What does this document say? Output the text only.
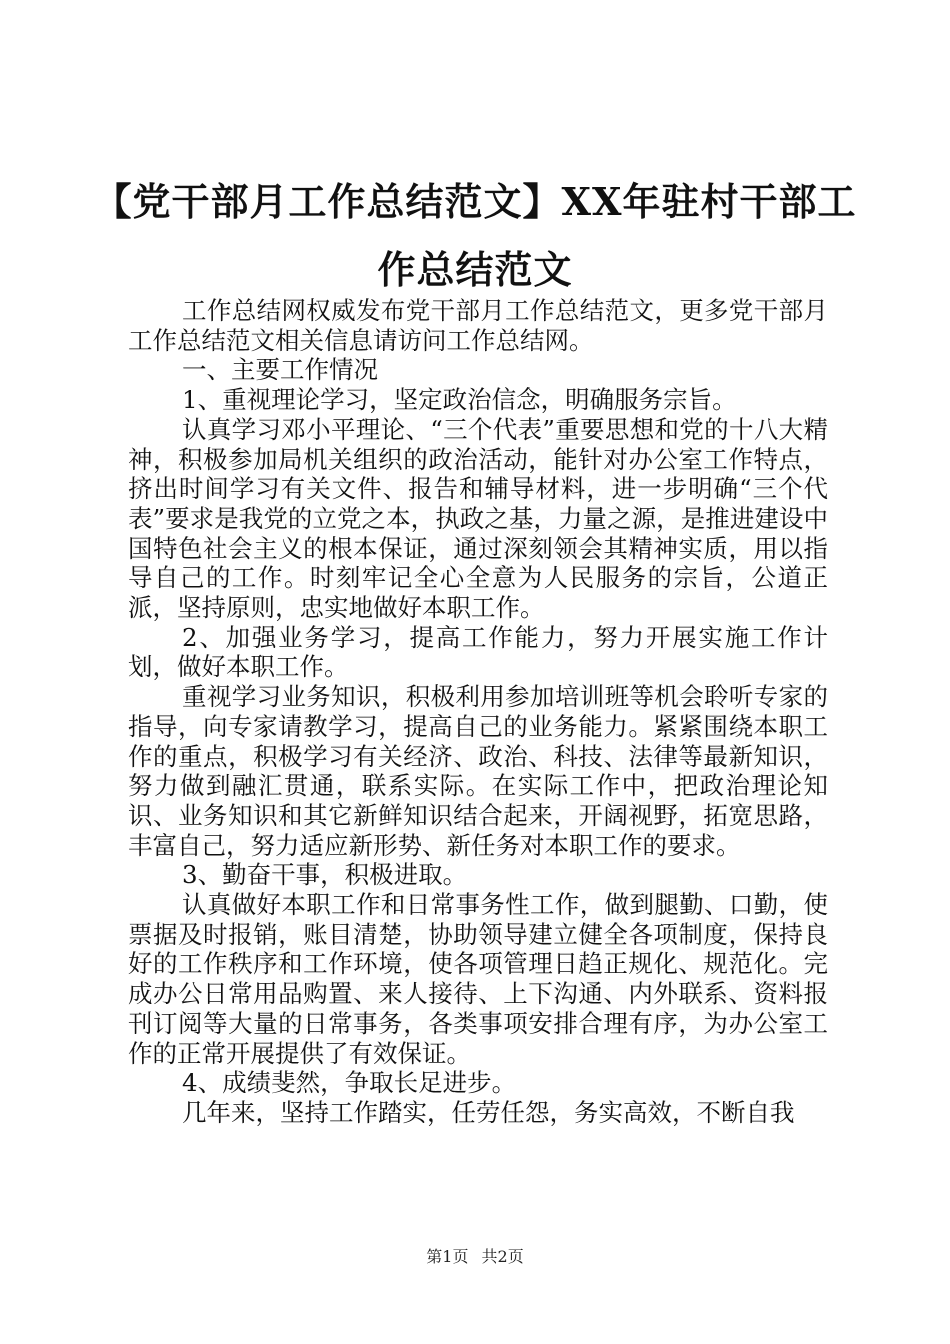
【党干部月工作总结范文】XX年驻村干部工
作总结范文

工作总结网权威发布党干部月工作总结范文，更多党干部月工作总结范文相关信息请访问工作总结网。

一、主要工作情况

1、重视理论学习，坚定政治信念，明确服务宗旨。

认真学习邓小平理论、“三个代表”重要思想和党的十八大精神，积极参加局机关组织的政治活动，能针对办公室工作特点，挤出时间学习有关文件、报告和辅导材料，进一步明确“三个代表”要求是我党的立党之本，执政之基，力量之源，是推进建设中国特色社会主义的根本保证，通过深刻领会其精神实质，用以指导自己的工作。时刻牢记全心全意为人民服务的宗旨，公道正派，坚持原则，忠实地做好本职工作。

2、加强业务学习，提高工作能力，努力开展实施工作计划，做好本职工作。

重视学习业务知识，积极利用参加培训班等机会聆听专家的指导，向专家请教学习，提高自己的业务能力。紧紧围绕本职工作的重点，积极学习有关经济、政治、科技、法律等最新知识，努力做到融汇贯通，联系实际。在实际工作中，把政治理论知识、业务知识和其它新鲜知识结合起来，开阔视野，拓宽思路，丰富自己，努力适应新形势、新任务对本职工作的要求。

3、勤奋干事，积极进取。

认真做好本职工作和日常事务性工作，做到腿勤、口勤，使票据及时报销，账目清楚，协助领导建立健全各项制度，保持良好的工作秩序和工作环境，使各项管理日趋正规化、规范化。完成办公日常用品购置、来人接待、上下沟通、内外联系、资料报刊订阅等大量的日常事务，各类事项安排合理有序，为办公室工作的正常开展提供了有效保证。

4、成绩斐然，争取长足进步。

几年来，坚持工作踏实，任劳任怨，务实高效，不断自我

第1页 共2页
